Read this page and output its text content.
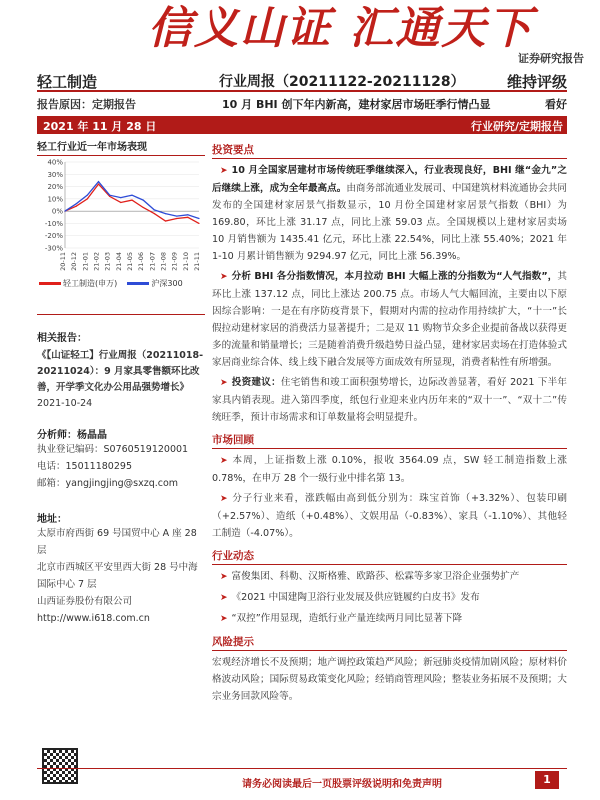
信义山证 汇通天下
证券研究报告
轻工制造	行业周报（20211122-20211128）	维持评级
报告原因：定期报告	10 月 BHI 创下年内新高，建材家居市场旺季行情凸显	看好
2021 年 11 月 28 日	行业研究/定期报告
轻工行业近一年市场表现
40%
30%
20%
10%
0%
-10%
-20%
-30%
20-11 20-12 21-01 21-02 21-03 21-04 21-05 21-06 21-07 21-08 21-09 21-10 21-11
轻工制造(申万)	沪深300
相关报告：
《【山证轻工】行业周报（20211018-20211024）：9 月家具零售额环比改善，开学季文化办公用品强势增长》2021-10-24
分析师：杨晶晶
执业登记编码：S0760519120001
电话：15011180295
邮箱：yangjingjing@sxzq.com
地址：
太原市府西街 69 号国贸中心 A 座 28 层
北京市西城区平安里西大街 28 号中海国际中心 7 层
山西证券股份有限公司
http://www.i618.com.cn
投资要点
➤ 10 月全国家居建材市场传统旺季继续深入，行业表现良好，BHI 继“金九”之后继续上涨，成为全年最高点。由商务部流通业发展司、中国建筑材料流通协会共同发布的全国建材家居景气指数显示，10 月份全国建材家居景气指数（BHI）为 169.80，环比上涨 31.17 点，同比上涨 59.03 点。全国规模以上建材家居卖场 10 月销售额为 1435.41 亿元，环比上涨 22.54%，同比上涨 55.40%；2021 年 1-10 月累计销售额为 9294.97 亿元，同比上涨 56.39%。
➤ 分析 BHI 各分指数情况，本月拉动 BHI 大幅上涨的分指数为“人气指数”，其环比上涨 137.12 点，同比上涨达 200.75 点。市场人气大幅回流，主要由以下原因综合影响：一是在有序防疫背景下，假期对内需的拉动作用持续扩大，“十一”长假拉动建材家居的消费活力显著提升；二是双 11 购物节众多企业提前备战以获得更多的流量和销量增长；三是随着消费升级趋势日益凸显，建材家居卖场在打造体验式家居商业综合体、线上线下融合发展等方面成效有所显现，消费者粘性有所增强。
➤ 投资建议：住宅销售和竣工面积强势增长，边际改善显著，看好 2021 下半年家具内销表现。进入第四季度，纸包行业迎来业内历年来的“双十一”、“双十二”传统旺季，预计市场需求和订单数量将会明显提升。
市场回顾
➤ 本周，上证指数上涨 0.10%，报收 3564.09 点，SW 轻工制造指数上涨 0.78%，在申万 28 个一级行业中排名第 13。
➤ 分子行业来看，涨跌幅由高到低分别为：珠宝首饰（+3.32%）、包装印刷（+2.57%）、造纸（+0.48%）、文娱用品（-0.83%）、家具（-1.10%）、其他轻工制造（-4.07%）。
行业动态
➤ 富俊集团、科勒、汉斯格雅、欧路莎、松霖等多家卫浴企业强势扩产
➤ 《2021 中国建陶卫浴行业发展及供应链履约白皮书》发布
➤ “双控”作用显现，造纸行业产量连续两月同比显著下降
风险提示
宏观经济增长不及预期；地产调控政策趋严风险；新冠肺炎疫情加剧风险；原材料价格波动风险；国际贸易政策变化风险；经销商管理风险；整装业务拓展不及预期；大宗业务回款风险等。
请务必阅读最后一页股票评级说明和免责声明	1
